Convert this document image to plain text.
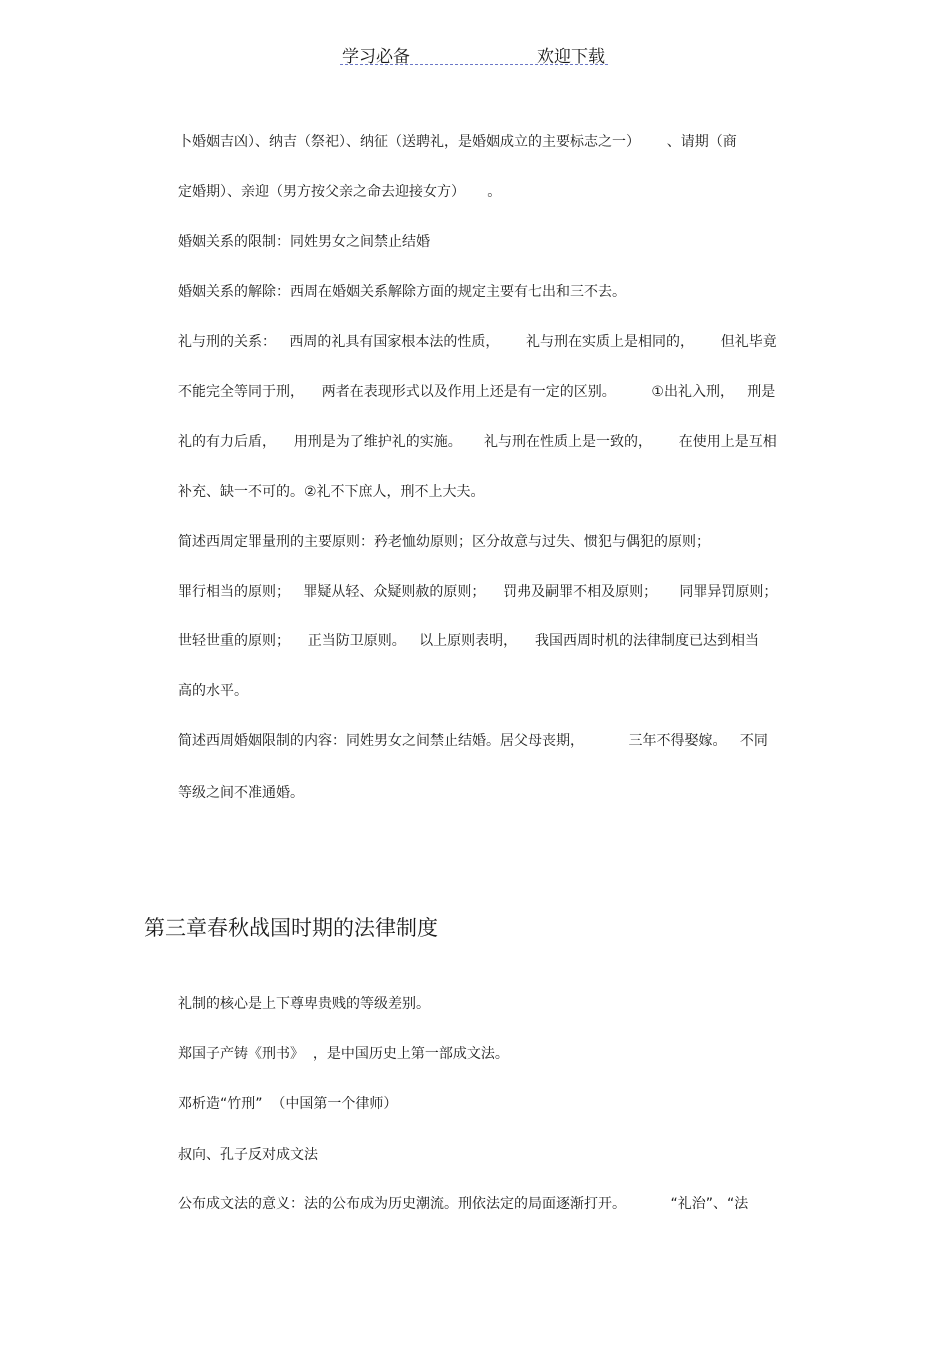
学习必备	欢迎下载
卜婚姻吉凶）、纳吉（祭祀）、纳征（送聘礼，是婚姻成立的主要标志之一）      、请期（商
定婚期）、亲迎（男方按父亲之命去迎接女方）     。
婚姻关系的限制：同姓男女之间禁止结婚
婚姻关系的解除：西周在婚姻关系解除方面的规定主要有七出和三不去。
礼与刑的关系：   西周的礼具有国家根本法的性质，      礼与刑在实质上是相同的，      但礼毕竟
不能完全等同于刑，    两者在表现形式以及作用上还是有一定的区别。        ①出礼入刑，   刑是
礼的有力后盾，    用刑是为了维护礼的实施。     礼与刑在性质上是一致的，      在使用上是互相
补充、缺一不可的。②礼不下庶人，刑不上大夫。
简述西周定罪量刑的主要原则：矜老恤幼原则；区分故意与过失、惯犯与偶犯的原则；
罪行相当的原则；   罪疑从轻、众疑则赦的原则；    罚弗及嗣罪不相及原则；     同罪异罚原则；
世轻世重的原则；    正当防卫原则。   以上原则表明，    我国西周时机的法律制度已达到相当
高的水平。
简述西周婚姻限制的内容：同姓男女之间禁止结婚。居父母丧期，          三年不得娶嫁。   不同
等级之间不准通婚。
第三章春秋战国时期的法律制度
礼制的核心是上下尊卑贵贱的等级差别。
郑国子产铸《刑书》  ，是中国历史上第一部成文法。
邓析造“竹刑”  （中国第一个律师）
叔向、孔子反对成文法
公布成文法的意义：法的公布成为历史潮流。刑依法定的局面逐渐打开。          “礼治”、“法
